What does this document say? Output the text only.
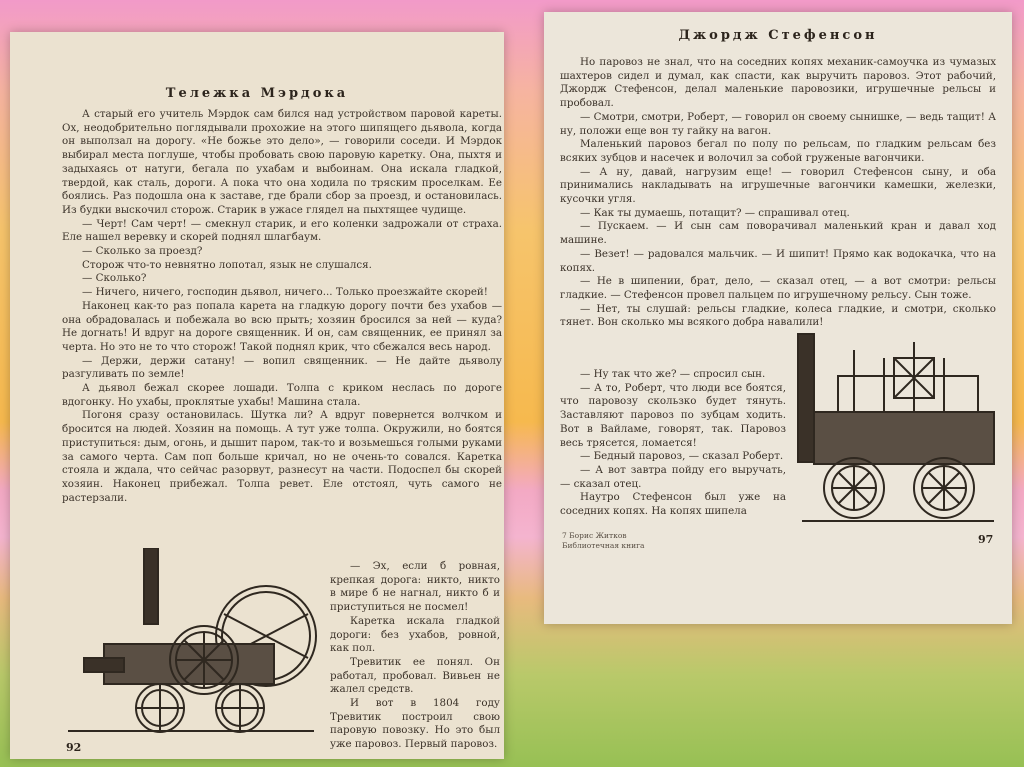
Тележка Мэрдока

А старый его учитель Мэрдок сам бился над устройством паровой кареты. Ох, неодобрительно поглядывали прохожие на этого шипящего дьявола, когда он выползал на дорогу. «Не божье это дело», — говорили соседи. И Мэрдок выбирал места поглуше, чтобы пробовать свою паровую каретку. Она, пыхтя и задыхаясь от натуги, бегала по ухабам и выбоинам. Она искала гладкой, твердой, как сталь, дороги. А пока что она ходила по тряским проселкам. Ее боялись. Раз подошла она к заставе, где брали сбор за проезд, и остановилась. Из будки выскочил сторож. Старик в ужасе глядел на пыхтящее чудище.

— Черт! Сам черт! — смекнул старик, и его коленки задрожали от страха. Еле нашел веревку и скорей поднял шлагбаум.

— Сколько за проезд?

Сторож что-то невнятно лопотал, язык не слушался.

— Сколько?

— Ничего, ничего, господин дьявол, ничего... Только проезжайте скорей!

Наконец как-то раз попала карета на гладкую дорогу почти без ухабов — она обрадовалась и побежала во всю прыть; хозяин бросился за ней — куда? Не догнать! И вдруг на дороге священник. И он, сам священник, ее принял за черта. Но это не то что сторож! Такой поднял крик, что сбежался весь народ.

— Держи, держи сатану! — вопил священник. — Не дайте дьяволу разгуливать по земле!

А дьявол бежал скорее лошади. Толпа с криком неслась по дороге вдогонку. Но ухабы, проклятые ухабы! Машина стала.

Погоня сразу остановилась. Шутка ли? А вдруг повернется волчком и бросится на людей. Хозяин на помощь. А тут уже толпа. Окружили, но боятся приступиться: дым, огонь, и дышит паром, так-то и возьмешься голыми руками за самого черта. Сам поп больше кричал, но не очень-то совался. Каретка стояла и ждала, что сейчас разорвут, разнесут на части. Подоспел бы скорей хозяин. Наконец прибежал. Толпа ревет. Еле отстоял, чуть самого не растерзали.

— Эх, если б ровная, крепкая дорога: никто, никто в мире б не нагнал, никто б и приступиться не посмел!

Каретка искала гладкой дороги: без ухабов, ровной, как пол.

Тревитик ее понял. Он работал, пробовал. Вивьен не жалел средств.

И вот в 1804 году Тревитик построил свою паровую повозку. Но это был уже паровоз. Первый паровоз.

92
Джордж Стефенсон

Но паровоз не знал, что на соседних копях механик-самоучка из чумазых шахтеров сидел и думал, как спасти, как выручить паровоз. Этот рабочий, Джордж Стефенсон, делал маленькие паровозики, игрушечные рельсы и пробовал.

— Смотри, смотри, Роберт, — говорил он своему сынишке, — ведь тащит! А ну, положи еще вон ту гайку на вагон.

Маленький паровоз бегал по полу по рельсам, по гладким рельсам без всяких зубцов и насечек и волочил за собой груженые вагончики.

— А ну, давай, нагрузим еще! — говорил Стефенсон сыну, и оба принимались накладывать на игрушечные вагончики камешки, железки, кусочки угля.

— Как ты думаешь, потащит? — спрашивал отец.

— Пускаем. — И сын сам поворачивал маленький кран и давал ход машине.

— Везет! — радовался мальчик. — И шипит! Прямо как водокачка, что на копях.

— Не в шипении, брат, дело, — сказал отец, — а вот смотри: рельсы гладкие. — Стефенсон провел пальцем по игрушечному рельсу. Сын тоже.

— Нет, ты слушай: рельсы гладкие, колеса гладкие, и смотри, сколько тянет. Вон сколько мы всякого добра навалили!

— Ну так что же? — спросил сын.

— А то, Роберт, что люди все боятся, что паровозу скользко будет тянуть. Заставляют паровоз по зубцам ходить. Вот в Вайламе, говорят, так. Паровоз весь трясется, ломается!

— Бедный паровоз, — сказал Роберт.

— А вот завтра пойду его выручать, — сказал отец.

Наутро Стефенсон был уже на соседних копях. На копях шипела

7 Борис Житков
Библиотечная книга	97
